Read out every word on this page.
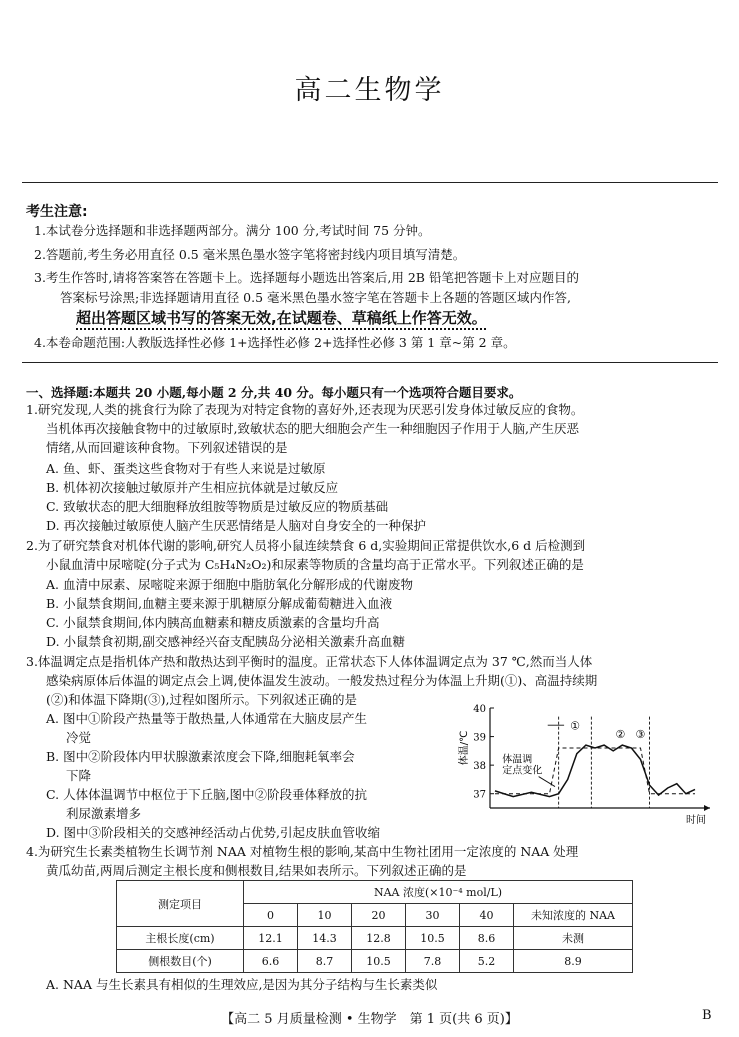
高二生物学
考生注意:
1.本试卷分选择题和非选择题两部分。满分 100 分,考试时间 75 分钟。
2.答题前,考生务必用直径 0.5 毫米黑色墨水签字笔将密封线内项目填写清楚。
3.考生作答时,请将答案答在答题卡上。选择题每小题选出答案后,用 2B 铅笔把答题卡上对应题目的
答案标号涂黑;非选择题请用直径 0.5 毫米黑色墨水签字笔在答题卡上各题的答题区域内作答,
超出答题区域书写的答案无效,在试题卷、草稿纸上作答无效。
4.本卷命题范围:人教版选择性必修 1+选择性必修 2+选择性必修 3 第 1 章~第 2 章。
一、选择题:本题共 20 小题,每小题 2 分,共 40 分。每小题只有一个选项符合题目要求。
1.研究发现,人类的挑食行为除了表现为对特定食物的喜好外,还表现为厌恶引发身体过敏反应的食物。
当机体再次接触食物中的过敏原时,致敏状态的肥大细胞会产生一种细胞因子作用于人脑,产生厌恶
情绪,从而回避该种食物。下列叙述错误的是
A. 鱼、虾、蛋类这些食物对于有些人来说是过敏原
B. 机体初次接触过敏原并产生相应抗体就是过敏反应
C. 致敏状态的肥大细胞释放组胺等物质是过敏反应的物质基础
D. 再次接触过敏原使人脑产生厌恶情绪是人脑对自身安全的一种保护
2.为了研究禁食对机体代谢的影响,研究人员将小鼠连续禁食 6 d,实验期间正常提供饮水,6 d 后检测到
小鼠血清中尿嘧啶(分子式为 C₅H₄N₂O₂)和尿素等物质的含量均高于正常水平。下列叙述正确的是
A. 血清中尿素、尿嘧啶来源于细胞中脂肪氧化分解形成的代谢废物
B. 小鼠禁食期间,血糖主要来源于肌糖原分解成葡萄糖进入血液
C. 小鼠禁食期间,体内胰高血糖素和糖皮质激素的含量均升高
D. 小鼠禁食初期,副交感神经兴奋支配胰岛分泌相关激素升高血糖
3.体温调定点是指机体产热和散热达到平衡时的温度。正常状态下人体体温调定点为 37 ℃,然而当人体
感染病原体后体温的调定点会上调,使体温发生波动。一般发热过程分为体温上升期(①)、高温持续期
(②)和体温下降期(③),过程如图所示。下列叙述正确的是
A. 图中①阶段产热量等于散热量,人体通常在大脑皮层产生
冷觉
B. 图中②阶段体内甲状腺激素浓度会下降,细胞耗氧率会
下降
C. 人体体温调节中枢位于下丘脑,图中②阶段垂体释放的抗
利尿激素增多
D. 图中③阶段相关的交感神经活动占优势,引起皮肤血管收缩
40
39
38
37
体温/℃
时间
①
② ③
体温调
定点变化
4.为研究生长素类植物生长调节剂 NAA 对植物生根的影响,某高中生物社团用一定浓度的 NAA 处理
黄瓜幼苗,两周后测定主根长度和侧根数目,结果如表所示。下列叙述正确的是
测定项目	NAA 浓度(×10⁻⁴ mol/L)					
	0	10	20	30	40	未知浓度的 NAA
主根长度(cm)	12.1	14.3	12.8	10.5	8.6	未测
侧根数目(个)	6.6	8.7	10.5	7.8	5.2	8.9
A. NAA 与生长素具有相似的生理效应,是因为其分子结构与生长素类似
【高二 5 月质量检测 • 生物学　第 1 页(共 6 页)】	B
